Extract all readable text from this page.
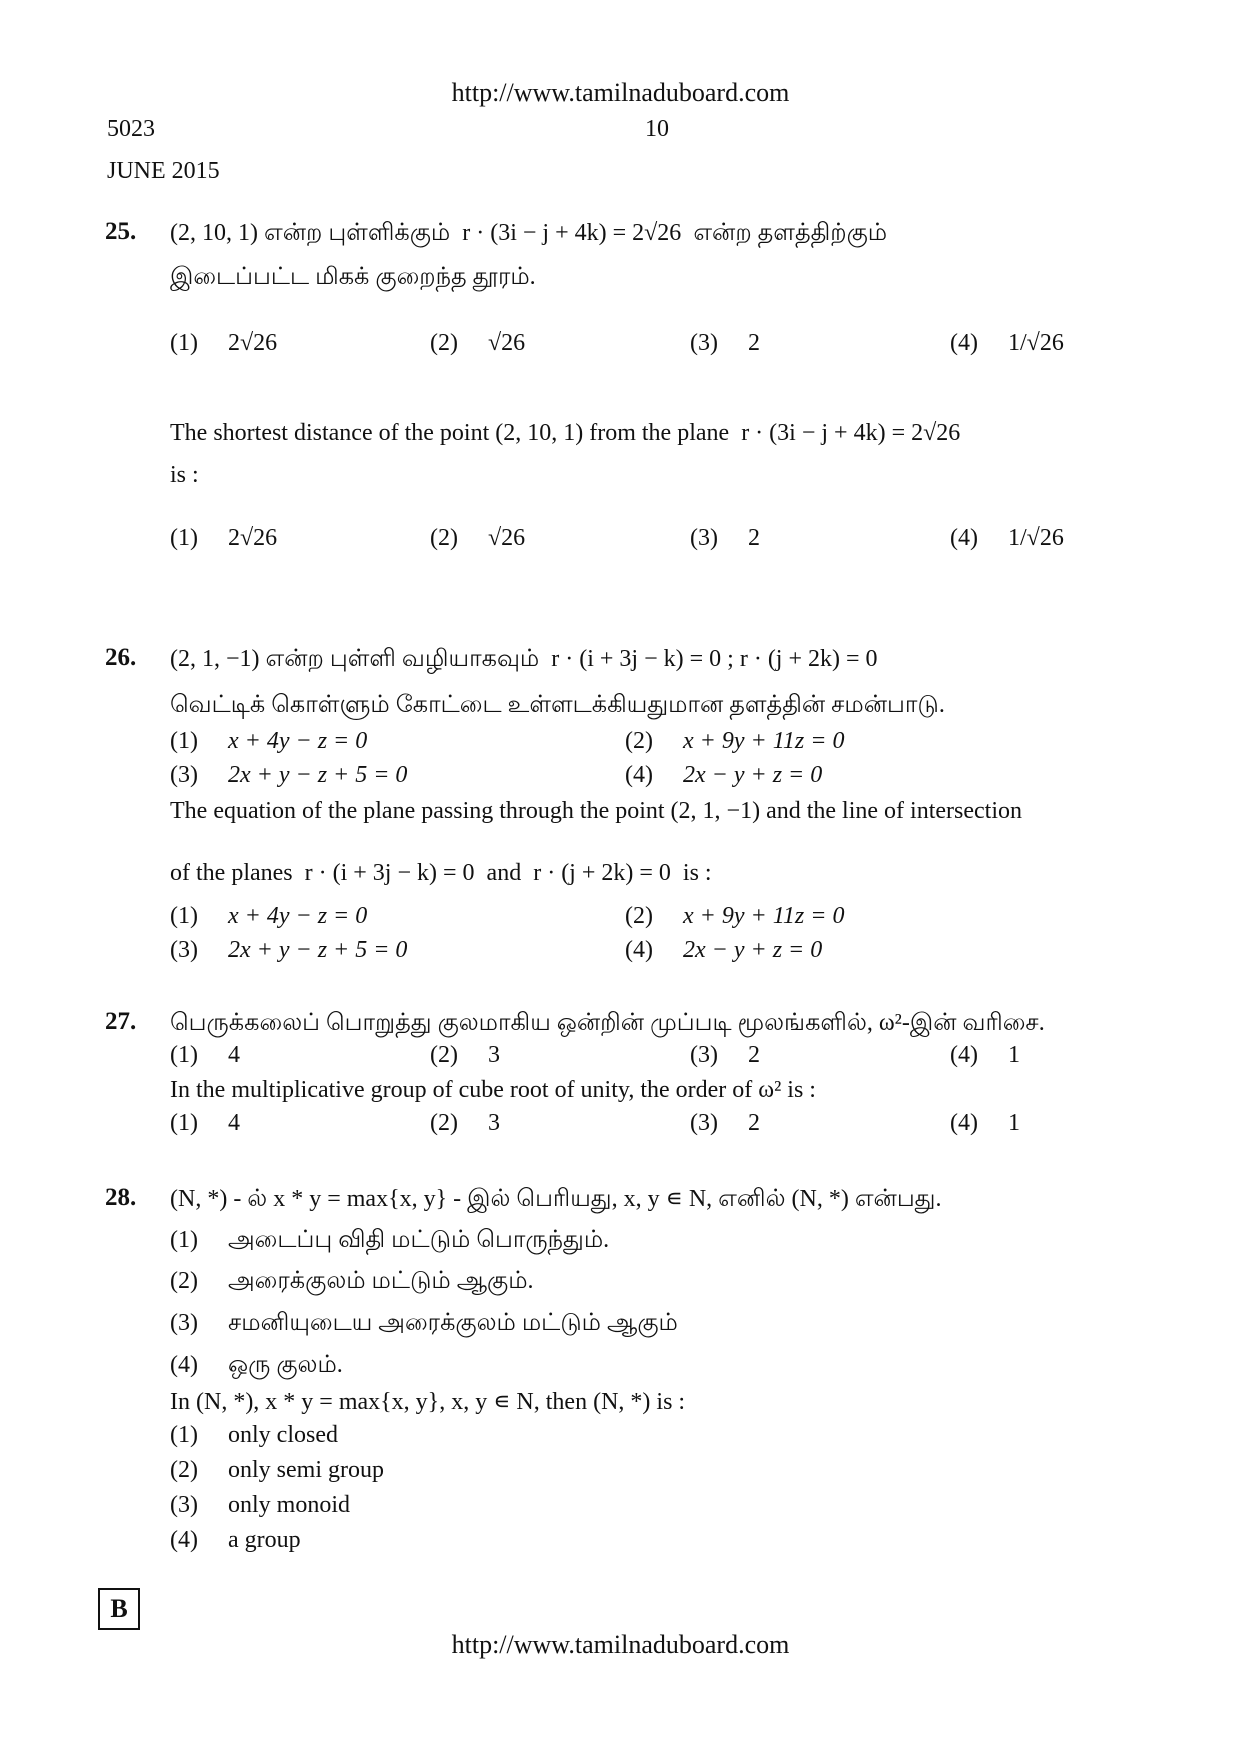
http://www.tamilnaduboard.com
5023	10
JUNE 2015
25. (2, 10, 1) என்ற புள்ளிக்கும் r · (3i − j + 4k) = 2√26 என்ற தளத்திற்கும்
இடைப்பட்ட மிகக் குறைந்த தூரம்.
(1) 2√26	(2) √26	(3) 2	(4) 1/√26
The shortest distance of the point (2, 10, 1) from the plane r · (3i − j + 4k) = 2√26
is :
(1) 2√26	(2) √26	(3) 2	(4) 1/√26
26. (2, 1, −1) என்ற புள்ளி வழியாகவும் r · (i + 3j − k) = 0 ; r · (j + 2k) = 0
வெட்டிக் கொள்ளும் கோட்டை உள்ளடக்கியதுமான தளத்தின் சமன்பாடு.
(1) x + 4y − z = 0	(2) x + 9y + 11z = 0
(3) 2x + y − z + 5 = 0	(4) 2x − y + z = 0
The equation of the plane passing through the point (2, 1, −1) and the line of intersection
of the planes r · (i + 3j − k) = 0 and r · (j + 2k) = 0 is :
(1) x + 4y − z = 0	(2) x + 9y + 11z = 0
(3) 2x + y − z + 5 = 0	(4) 2x − y + z = 0
27. பெருக்கலைப் பொறுத்து குலமாகிய ஒன்றின் முப்படி மூலங்களில், ω²-இன் வரிசை.
(1) 4	(2) 3	(3) 2	(4) 1
In the multiplicative group of cube root of unity, the order of ω² is :
(1) 4	(2) 3	(3) 2	(4) 1
28. (N, *) - ல் x * y = max{x, y} - இல் பெரியது, x, y ∊ N, எனில் (N, *) என்பது.
(1) அடைப்பு விதி மட்டும் பொருந்தும்.
(2) அரைக்குலம் மட்டும் ஆகும்.
(3) சமனியுடைய அரைக்குலம் மட்டும் ஆகும்
(4) ஒரு குலம்.
In (N, *), x * y = max{x, y}, x, y ∊ N, then (N, *) is :
(1) only closed
(2) only semi group
(3) only monoid
(4) a group
B
http://www.tamilnaduboard.com
